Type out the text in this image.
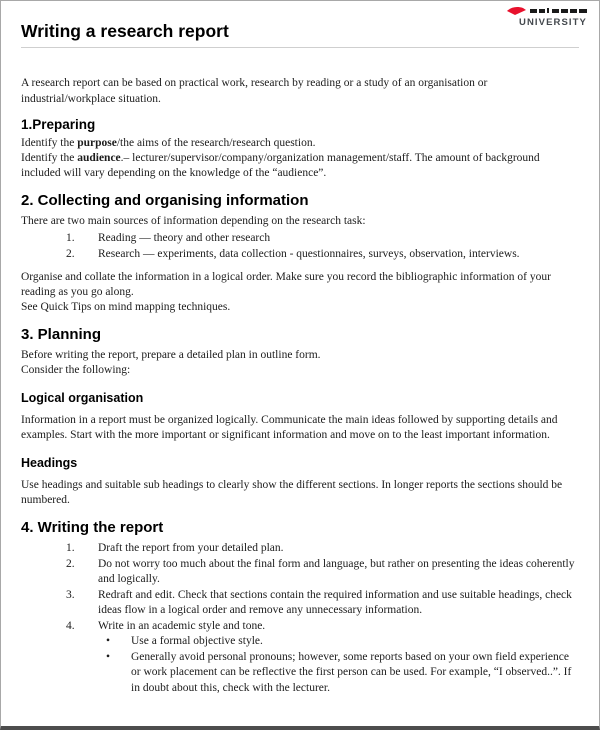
UNIVERSITY
Writing a research report

A research report can be based on practical work, research by reading or a study of an organisation or industrial/workplace situation.

1.Preparing

Identify the purpose/the aims of the research/research question.

Identify the audience.– lecturer/supervisor/company/organization management/staff. The amount of background included will vary depending on the knowledge of the “audience”.

2. Collecting and organising information

There are two main sources of information depending on the research task:

1.	Reading — theory and other research
2.	Research — experiments, data collection - questionnaires, surveys, observation, interviews.

Organise and collate the information in a logical order. Make sure you record the bibliographic information of your reading as you go along.

See Quick Tips on mind mapping techniques.

3. Planning

Before writing the report, prepare a detailed plan in outline form.

Consider the following:

Logical organisation

Information in a report must be organized logically. Communicate the main ideas followed by supporting details and examples. Start with the more important or significant information and move on to the least important information.

Headings

Use headings and suitable sub headings to clearly show the different sections. In longer reports the sections should be numbered.

4. Writing the report
1.	Draft the report from your detailed plan.
2.	Do not worry too much about the final form and language, but rather on presenting the ideas coherently and logically.
3.	Redraft and edit. Check that sections contain the required information and use suitable headings, check ideas flow in a logical order and remove any unnecessary information.
4.	Write in an academic style and tone.
•	Use a formal objective style.
•	Generally avoid personal pronouns; however, some reports based on your own field experience or work placement can be reflective the first person can be used. For example, “I observed..”. If in doubt about this, check with the lecturer.
